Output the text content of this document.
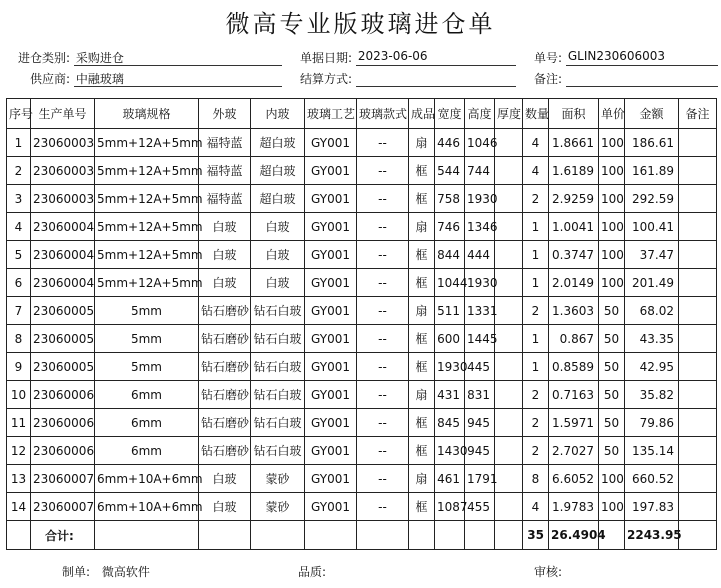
微高专业版玻璃进仓单
进仓类别: 采购进仓	单据日期: 2023-06-06	单号: GLIN230606003
供应商: 中融玻璃	结算方式:	备注:
序号	生产单号	玻璃规格	外玻	内玻	玻璃工艺	玻璃款式	成品	宽度	高度	厚度	数量	面积	单价	金额	备注
1	23060003	5mm+12A+5mm	福特蓝	超白玻	GY001	--	扇	446	1046		4	1.8661	100	186.61	
2	23060003	5mm+12A+5mm	福特蓝	超白玻	GY001	--	框	544	744		4	1.6189	100	161.89	
3	23060003	5mm+12A+5mm	福特蓝	超白玻	GY001	--	框	758	1930		2	2.9259	100	292.59	
4	23060004	5mm+12A+5mm	白玻	白玻	GY001	--	扇	746	1346		1	1.0041	100	100.41	
5	23060004	5mm+12A+5mm	白玻	白玻	GY001	--	框	844	444		1	0.3747	100	37.47	
6	23060004	5mm+12A+5mm	白玻	白玻	GY001	--	框	1044	1930		1	2.0149	100	201.49	
7	23060005	5mm	钻石磨砂	钻石白玻	GY001	--	扇	511	1331		2	1.3603	50	68.02	
8	23060005	5mm	钻石磨砂	钻石白玻	GY001	--	框	600	1445		1	0.867	50	43.35	
9	23060005	5mm	钻石磨砂	钻石白玻	GY001	--	框	1930	445		1	0.8589	50	42.95	
10	23060006	6mm	钻石磨砂	钻石白玻	GY001	--	扇	431	831		2	0.7163	50	35.82	
11	23060006	6mm	钻石磨砂	钻石白玻	GY001	--	框	845	945		2	1.5971	50	79.86	
12	23060006	6mm	钻石磨砂	钻石白玻	GY001	--	框	1430	945		2	2.7027	50	135.14	
13	23060007	6mm+10A+6mm	白玻	蒙砂	GY001	--	扇	461	1791		8	6.6052	100	660.52	
14	23060007	6mm+10A+6mm	白玻	蒙砂	GY001	--	框	1087	455		4	1.9783	100	197.83	
	合计:										35	26.4904		2243.95	
制单: 微高软件	品质:	审核:
